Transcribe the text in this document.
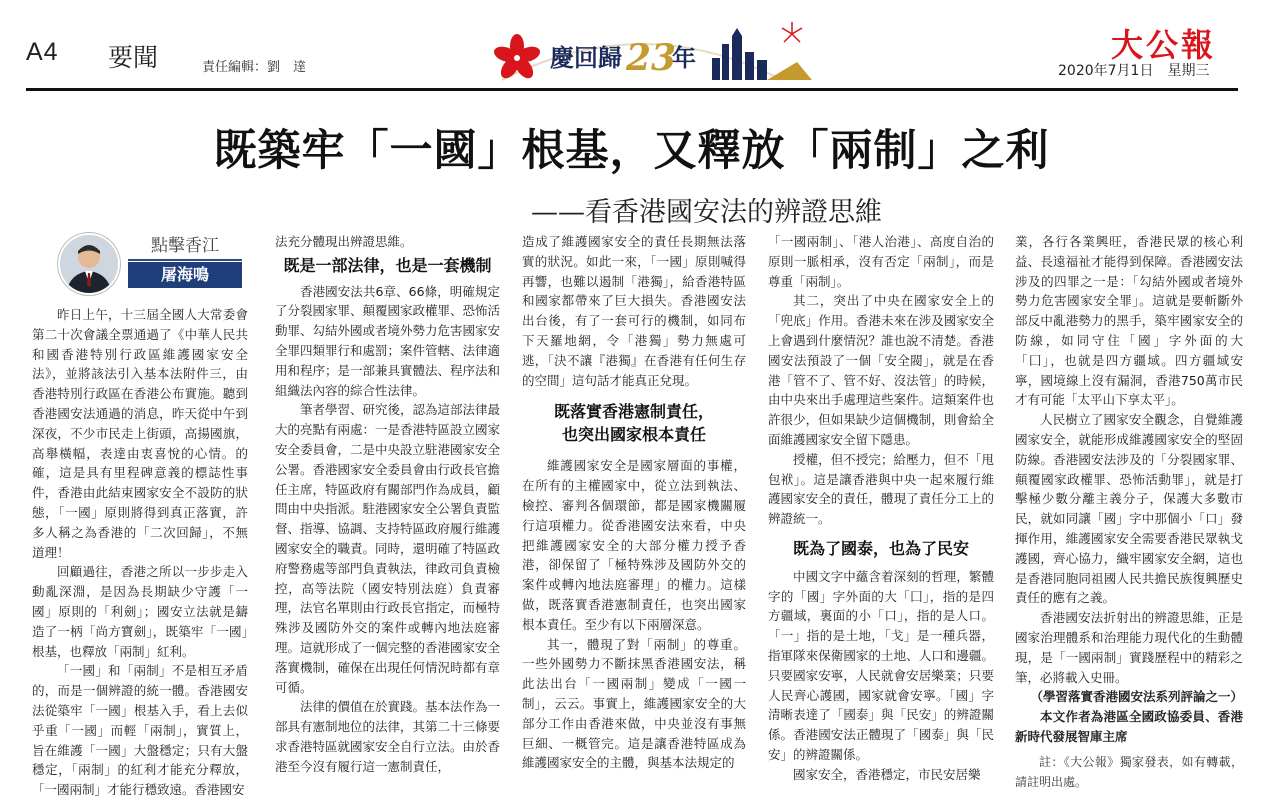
A4 要聞	責任編輯：劉　達	慶回歸 23
年	大公報
2020年7月1日　星期三
既築牢「一國」根基，又釋放「兩制」之利
——看香港國安法的辨證思維
點擊香江
屠海鳴

昨日上午，十三屆全國人大常委會第二十次會議全票通過了《中華人民共和國香港特別行政區維護國家安全法》，並將該法引入基本法附件三，由香港特別行政區在香港公布實施。聽到香港國安法通過的消息，昨天從中午到深夜，不少市民走上街頭，高揚國旗，高舉橫幅，表達由衷喜悅的心情。的確，這是具有里程碑意義的標誌性事件，香港由此結束國家安全不設防的狀態，「一國」原則將得到真正落實，許多人稱之為香港的「二次回歸」，不無道理！

回顧過往，香港之所以一步步走入動亂深淵，是因為長期缺少守護「一國」原則的「利劍」；國安立法就是鑄造了一柄「尚方寶劍」，既築牢「一國」根基，也釋放「兩制」紅利。

「一國」和「兩制」不是相互矛盾的，而是一個辨證的統一體。香港國安法從築牢「一國」根基入手，看上去似乎重「一國」而輕「兩制」，實質上，旨在維護「一國」大盤穩定；只有大盤穩定，「兩制」的紅利才能充分釋放，「一國兩制」才能行穩致遠。香港國安

法充分體現出辨證思維。

既是一部法律，也是一套機制

香港國安法共6章、66條，明確規定了分裂國家罪、顛覆國家政權罪、恐怖活動罪、勾結外國或者境外勢力危害國家安全罪四類罪行和處罰；案件管轄、法律適用和程序；是一部兼具實體法、程序法和組織法內容的綜合性法律。

筆者學習、研究後，認為這部法律最大的亮點有兩處：一是香港特區設立國家安全委員會，二是中央設立駐港國家安全公署。香港國家安全委員會由行政長官擔任主席，特區政府有關部門作為成員，顧問由中央指派。駐港國家安全公署負責監督、指導、協調、支持特區政府履行維護國家安全的職責。同時，還明確了特區政府警務處等部門負責執法，律政司負責檢控，高等法院（國安特別法庭）負責審理，法官名單則由行政長官指定，而極特殊涉及國防外交的案件或轉內地法庭審理。這就形成了一個完整的香港國家安全落實機制，確保在出現任何情況時都有章可循。

法律的價值在於實踐。基本法作為一部具有憲制地位的法律，其第二十三條要求香港特區就國家安全自行立法。由於香港至今沒有履行這一憲制責任，

造成了維護國家安全的責任長期無法落實的狀況。如此一來，「一國」原則喊得再響，也難以遏制「港獨」，給香港特區和國家都帶來了巨大損失。香港國安法出台後，有了一套可行的機制，如同布下天羅地網，令「港獨」勢力無處可逃，「決不讓『港獨』在香港有任何生存的空間」這句話才能真正兌現。

既落實香港憲制責任，
也突出國家根本責任

維護國家安全是國家層面的事權，在所有的主權國家中，從立法到執法、檢控、審判各個環節，都是國家機關履行這項權力。從香港國安法來看，中央把維護國家安全的大部分權力授予香港，卻保留了「極特殊涉及國防外交的案件或轉內地法庭審理」的權力。這樣做，既落實香港憲制責任，也突出國家根本責任。至少有以下兩層深意。

其一，體現了對「兩制」的尊重。一些外國勢力不斷抹黑香港國安法，稱此法出台「一國兩制」變成「一國一制」，云云。事實上，維護國家安全的大部分工作由香港來做，中央並沒有事無巨細、一概管完。這是讓香港特區成為維護國家安全的主體，與基本法規定的

「一國兩制」、「港人治港」、高度自治的原則一脈相承，沒有否定「兩制」，而是尊重「兩制」。

其二，突出了中央在國家安全上的「兜底」作用。香港未來在涉及國家安全上會遇到什麼情況？誰也說不清楚。香港國安法預設了一個「安全閥」，就是在香港「管不了、管不好、沒法管」的時候，由中央來出手處理這些案件。這類案件也許很少，但如果缺少這個機制，則會給全面維護國家安全留下隱患。

授權，但不授完；給壓力，但不「甩包袱」。這是讓香港與中央一起來履行維護國家安全的責任，體現了責任分工上的辨證統一。

既為了國泰，也為了民安

中國文字中蘊含着深刻的哲理，繁體字的「國」字外面的大「囗」，指的是四方疆域，裏面的小「口」，指的是人口。「一」指的是土地，「戈」是一種兵器，指軍隊來保衛國家的土地、人口和邊疆。只要國家安寧，人民就會安居樂業；只要人民齊心護國，國家就會安寧。「國」字清晰表達了「國泰」與「民安」的辨證關係。香港國安法正體現了「國泰」與「民安」的辨證關係。

國家安全，香港穩定，市民安居樂

業，各行各業興旺，香港民眾的核心利益、長遠福祉才能得到保障。香港國安法涉及的四罪之一是：「勾結外國或者境外勢力危害國家安全罪」。這就是要斬斷外部反中亂港勢力的黑手，築牢國家安全的防線，如同守住「國」字外面的大「囗」，也就是四方疆域。四方疆域安寧，國境線上沒有漏洞，香港750萬市民才有可能「太平山下享太平」。

人民樹立了國家安全觀念，自覺維護國家安全，就能形成維護國家安全的堅固防線。香港國安法涉及的「分裂國家罪、顛覆國家政權罪、恐怖活動罪」，就是打擊極少數分離主義分子，保護大多數市民，就如同讓「國」字中那個小「口」發揮作用，維護國家安全需要香港民眾執戈護國，齊心協力，織牢國家安全網，這也是香港同胞同祖國人民共擔民族復興歷史責任的應有之義。

香港國安法折射出的辨證思維，正是國家治理體系和治理能力現代化的生動體現，是「一國兩制」實踐歷程中的精彩之筆，必將載入史冊。

（學習落實香港國安法系列評論之一）

本文作者為港區全國政協委員、香港新時代發展智庫主席

註：《大公報》獨家發表，如有轉載，請註明出處。
